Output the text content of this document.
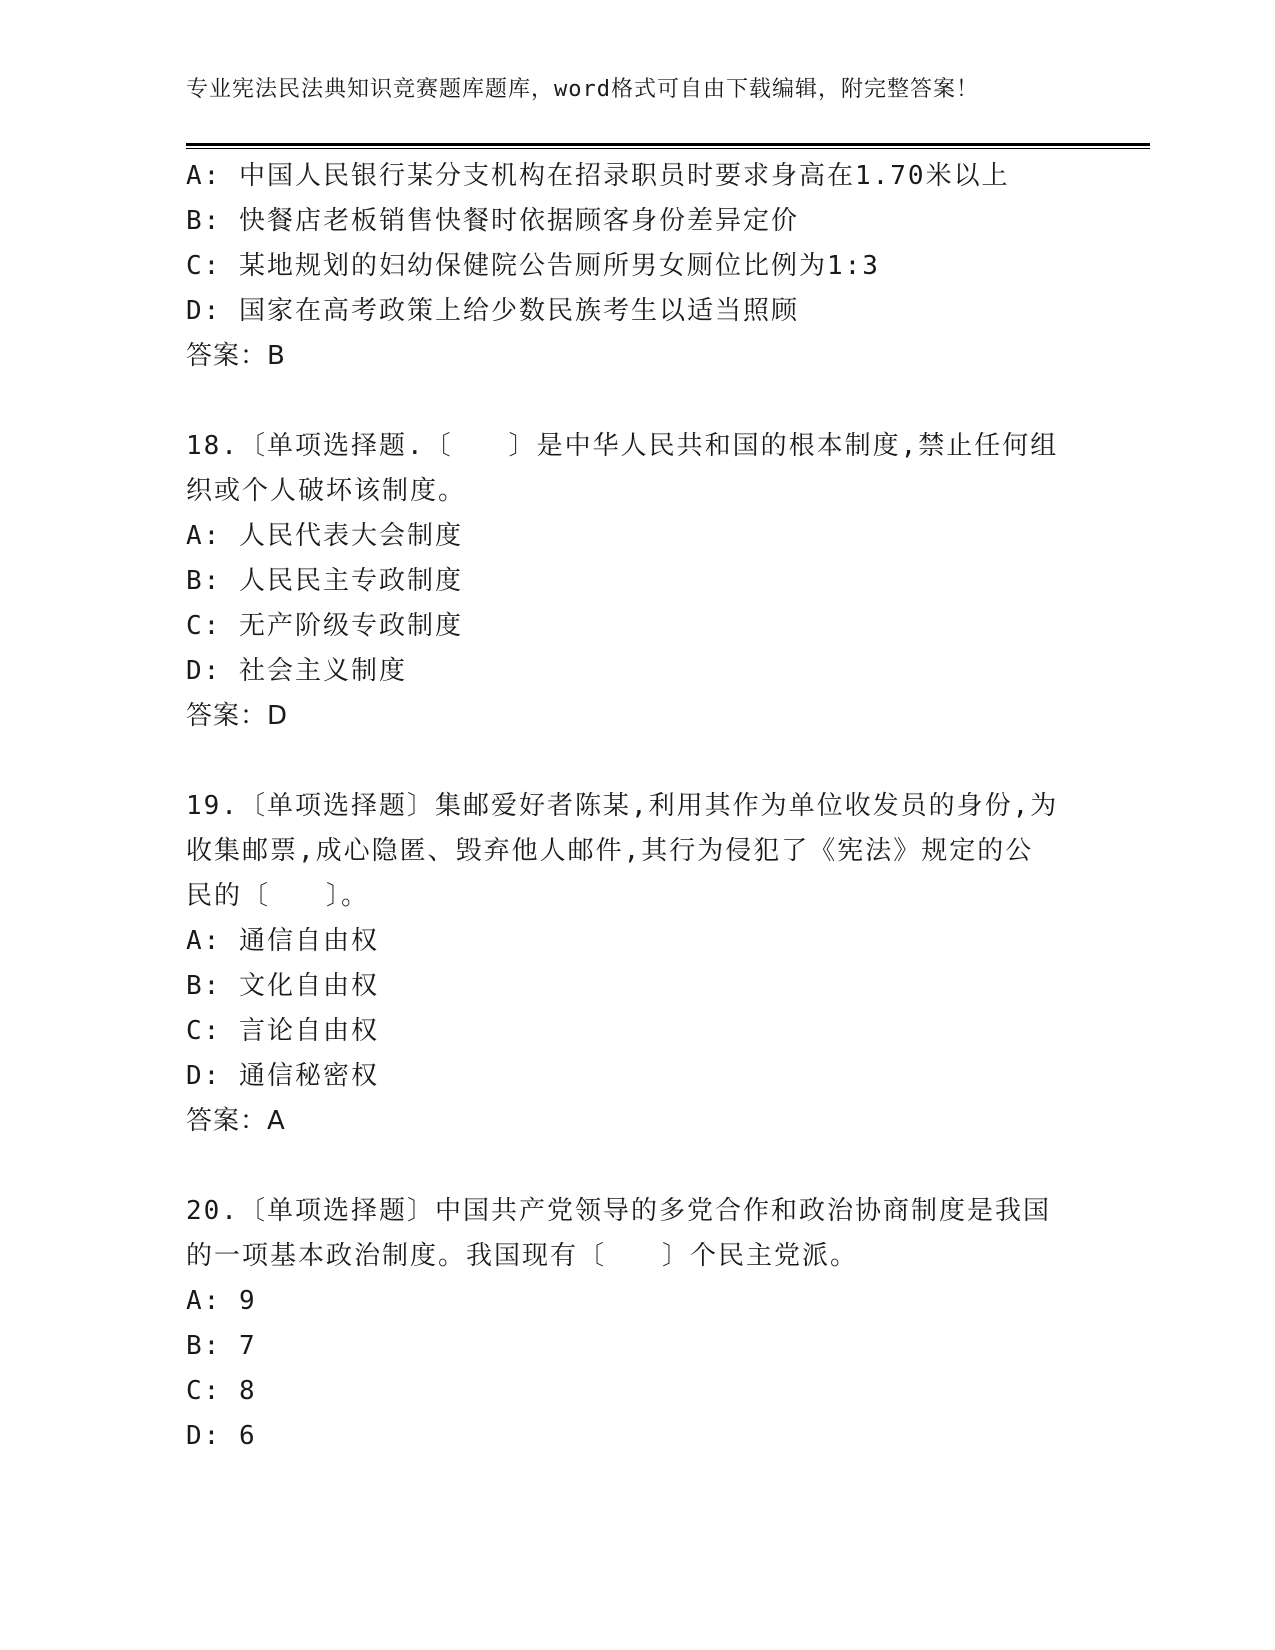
专业宪法民法典知识竞赛题库题库，word格式可自由下载编辑，附完整答案！
A: 中国人民银行某分支机构在招录职员时要求身高在1.70米以上
B: 快餐店老板销售快餐时依据顾客身份差异定价
C: 某地规划的妇幼保健院公告厕所男女厕位比例为1:3
D: 国家在高考政策上给少数民族考生以适当照顾
答案：B
18.〔单项选择题.〔　　〕是中华人民共和国的根本制度,禁止任何组
织或个人破坏该制度。
A: 人民代表大会制度
B: 人民民主专政制度
C: 无产阶级专政制度
D: 社会主义制度
答案：D
19.〔单项选择题〕集邮爱好者陈某,利用其作为单位收发员的身份,为
收集邮票,成心隐匿、毁弃他人邮件,其行为侵犯了《宪法》规定的公
民的〔　　〕。
A: 通信自由权
B: 文化自由权
C: 言论自由权
D: 通信秘密权
答案：A
20.〔单项选择题〕中国共产党领导的多党合作和政治协商制度是我国
的一项基本政治制度。我国现有〔　　〕个民主党派。
A: 9
B: 7
C: 8
D: 6
